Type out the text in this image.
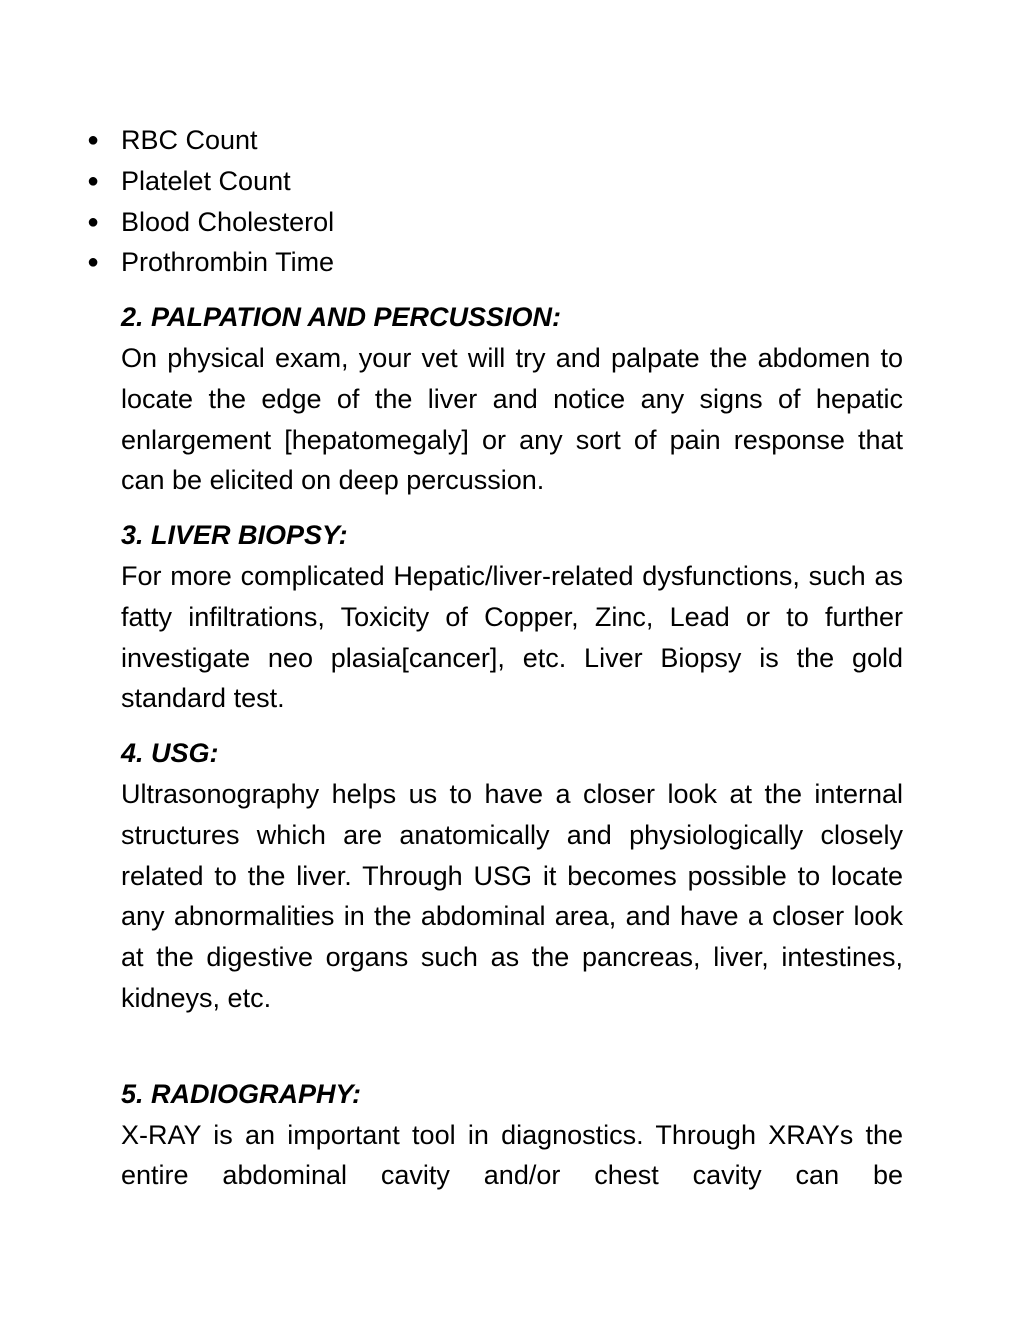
● RBC Count
● Platelet Count
● Blood Cholesterol
● Prothrombin Time
2. PALPATION AND PERCUSSION:

On physical exam, your vet will try and palpate the abdomen to locate the edge of the liver and notice any signs of hepatic enlargement [hepatomegaly] or any sort of pain response that can be elicited on deep percussion.

3. LIVER BIOPSY:

For more complicated Hepatic/liver-related dysfunctions, such as fatty infiltrations, Toxicity of Copper, Zinc, Lead or to further investigate neo plasia[cancer], etc. Liver Biopsy is the gold standard test.

4. USG:

Ultrasonography helps us to have a closer look at the internal structures which are anatomically and physiologically closely related to the liver. Through USG it becomes possible to locate any abnormalities in the abdominal area, and have a closer look at the digestive organs such as the pancreas, liver, intestines, kidneys, etc.

5. RADIOGRAPHY:

X-RAY is an important tool in diagnostics. Through XRAYs the entire abdominal cavity and/or chest cavity can be
